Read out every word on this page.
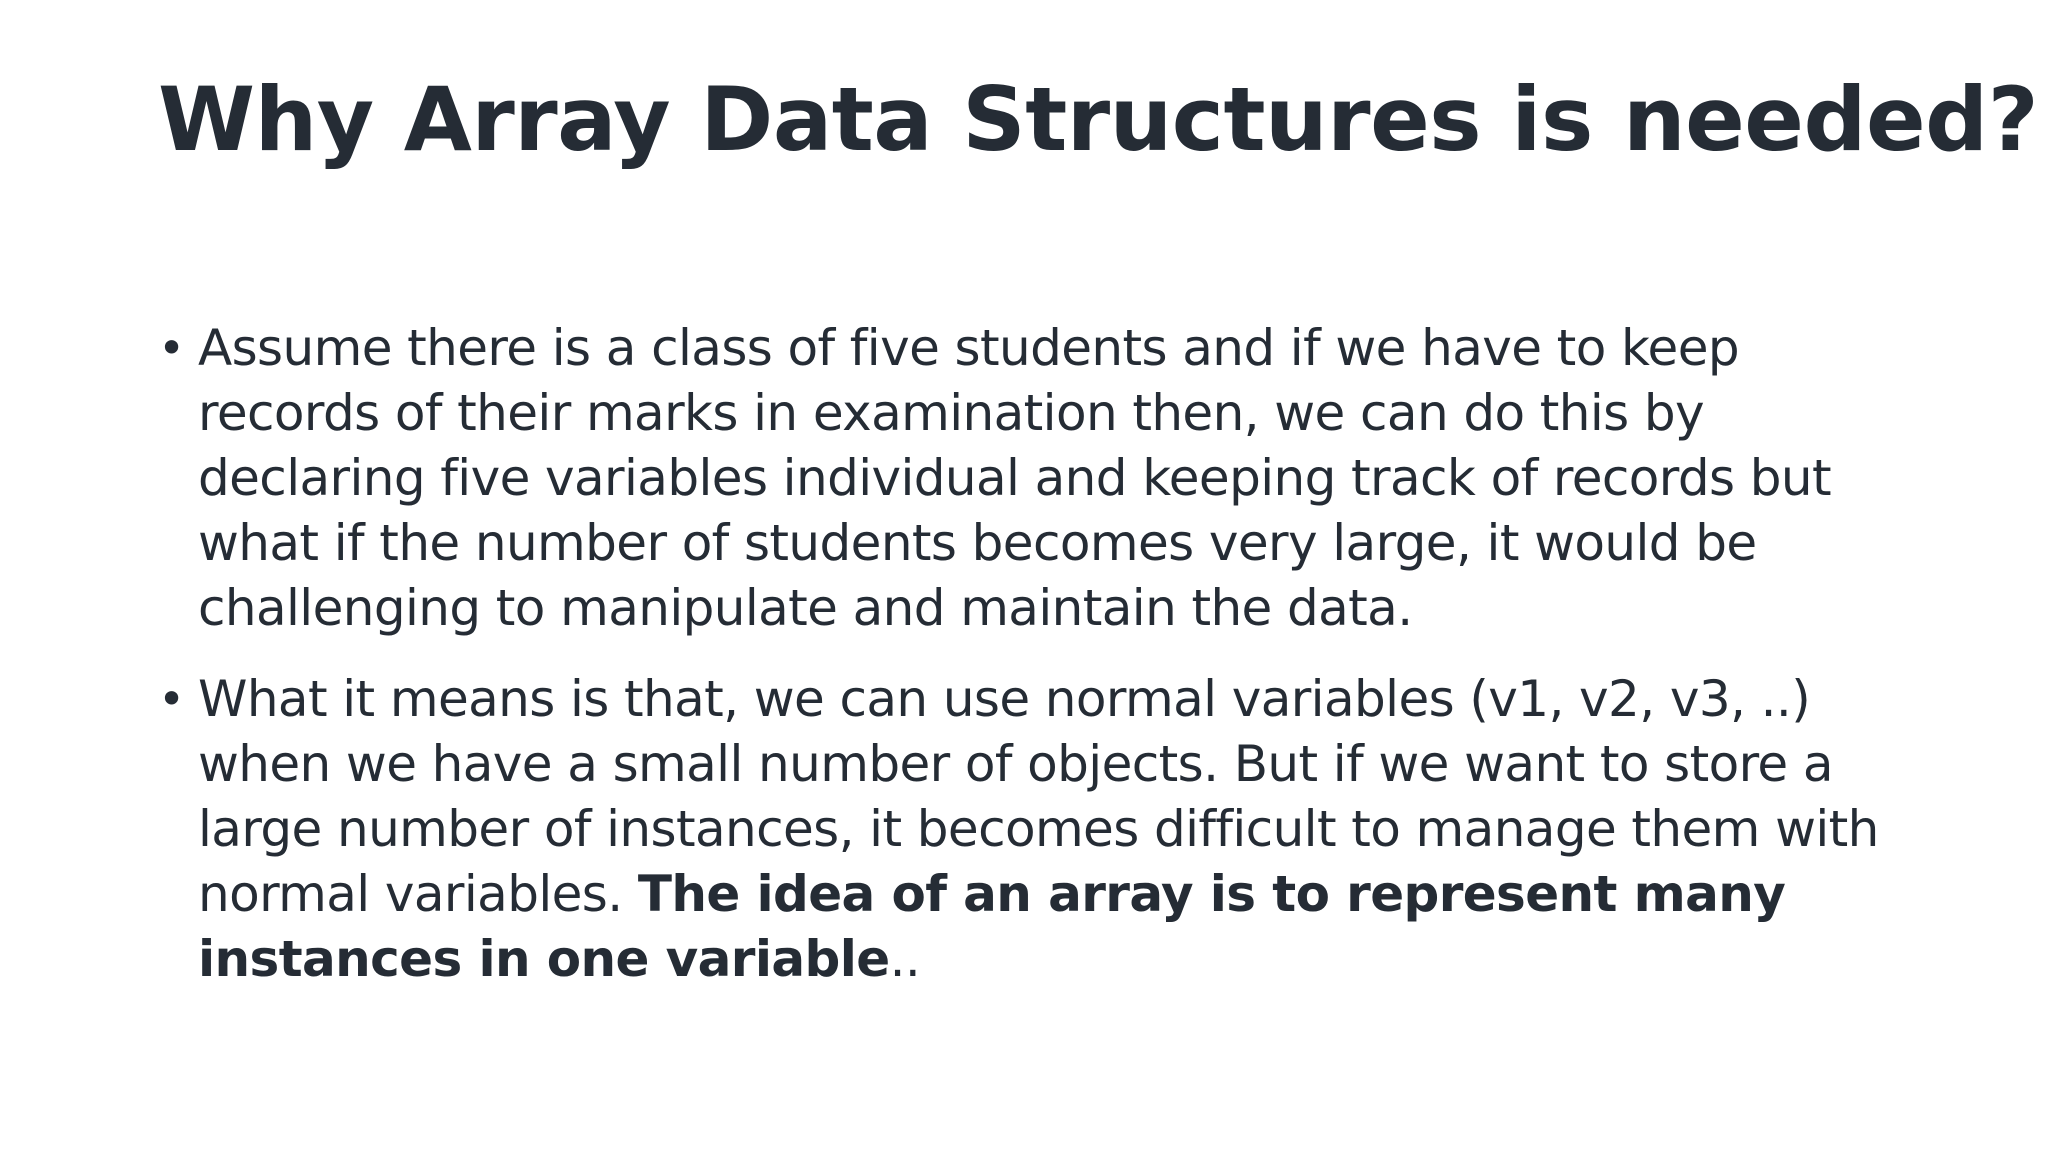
Why Array Data Structures is needed?
• Assume there is a class of five students and if we have to keep records of their marks in examination then, we can do this by declaring five variables individual and keeping track of records but what if the number of students becomes very large, it would be challenging to manipulate and maintain the data.
• What it means is that, we can use normal variables (v1, v2, v3, ..) when we have a small number of objects. But if we want to store a large number of instances, it becomes difficult to manage them with normal variables. The idea of an array is to represent many instances in one variable..
